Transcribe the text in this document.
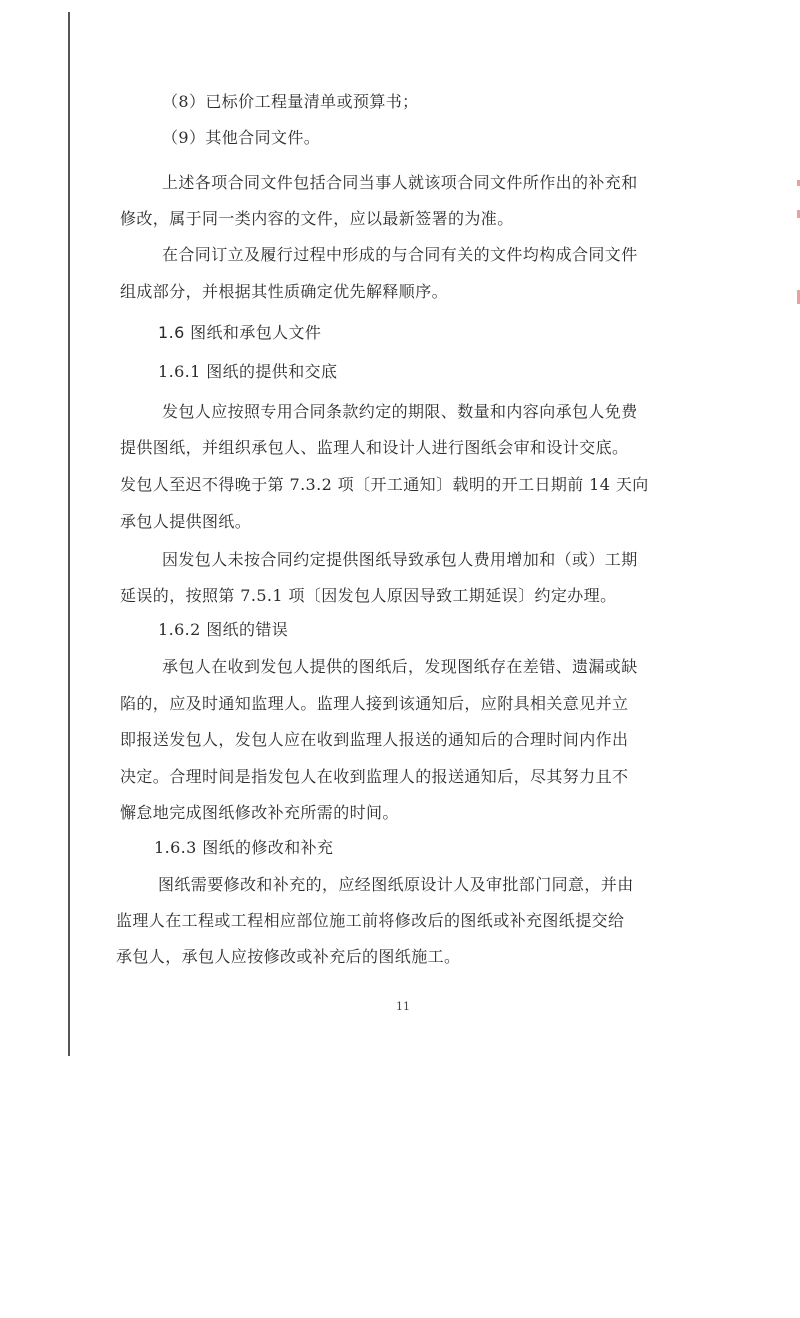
（8）已标价工程量清单或预算书；
（9）其他合同文件。
上述各项合同文件包括合同当事人就该项合同文件所作出的补充和
修改，属于同一类内容的文件，应以最新签署的为准。
在合同订立及履行过程中形成的与合同有关的文件均构成合同文件
组成部分，并根据其性质确定优先解释顺序。
1.6 图纸和承包人文件
1.6.1 图纸的提供和交底
发包人应按照专用合同条款约定的期限、数量和内容向承包人免费
提供图纸，并组织承包人、监理人和设计人进行图纸会审和设计交底。
发包人至迟不得晚于第 7.3.2 项〔开工通知〕载明的开工日期前 14 天向
承包人提供图纸。
因发包人未按合同约定提供图纸导致承包人费用增加和（或）工期
延误的，按照第 7.5.1 项〔因发包人原因导致工期延误〕约定办理。
1.6.2 图纸的错误
承包人在收到发包人提供的图纸后，发现图纸存在差错、遗漏或缺
陷的，应及时通知监理人。监理人接到该通知后，应附具相关意见并立
即报送发包人，发包人应在收到监理人报送的通知后的合理时间内作出
决定。合理时间是指发包人在收到监理人的报送通知后，尽其努力且不
懈怠地完成图纸修改补充所需的时间。
1.6.3 图纸的修改和补充
图纸需要修改和补充的，应经图纸原设计人及审批部门同意，并由
监理人在工程或工程相应部位施工前将修改后的图纸或补充图纸提交给
承包人，承包人应按修改或补充后的图纸施工。
11
